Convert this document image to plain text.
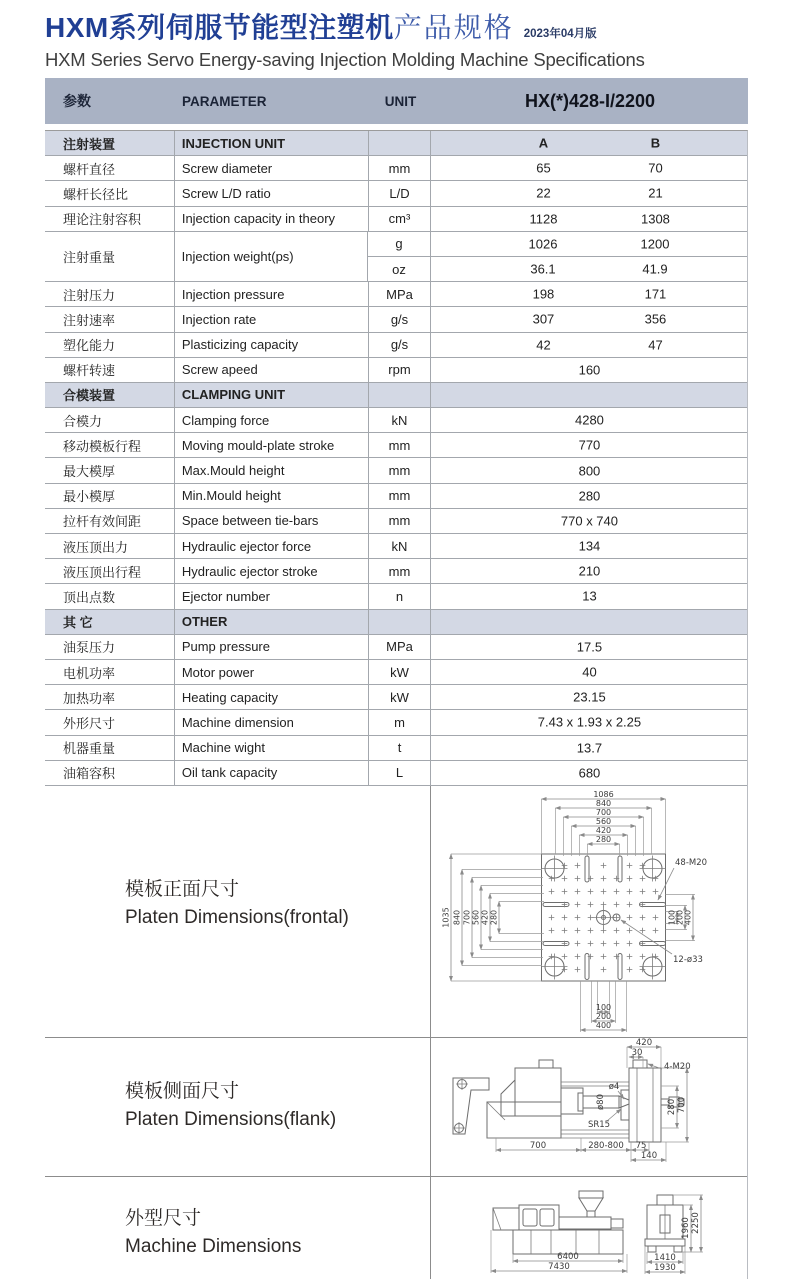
HXM系列伺服节能型注塑机产品规格 2023年04月版
HXM Series Servo Energy-saving Injection Molding Machine Specifications
参数	PARAMETER	UNIT	HX(*)428-I/2200
注射装置	INJECTION UNIT	A	B
螺杆直径	Screw diameter	mm	65	70
螺杆长径比	Screw L/D ratio	L/D	22	21
理论注射容积	Injection capacity in theory	cm³	1128	1308
注射重量	Injection weight(ps)
g	1026	1200
oz	36.1	41.9
注射压力	Injection pressure	MPa	198	171
注射速率	Injection rate	g/s	307	356
塑化能力	Plasticizing capacity	g/s	42	47
螺杆转速	Screw apeed	rpm	160
合模装置	CLAMPING UNIT
合模力	Clamping force	kN	4280
移动模板行程	Moving mould-plate stroke	mm	770
最大模厚	Max.Mould height	mm	800
最小模厚	Min.Mould height	mm	280
拉杆有效间距	Space between tie-bars	mm	770 x 740
液压顶出力	Hydraulic ejector force	kN	134
液压顶出行程	Hydraulic ejector stroke	mm	210
顶出点数	Ejector number	n	13
其 它	OTHER
油泵压力	Pump pressure	MPa	17.5
电机功率	Motor power	kW	40
加热功率	Heating capacity	kW	23.15
外形尺寸	Machine dimension	m	7.43 x 1.93 x 2.25
机器重量	Machine wight	t	13.7
油箱容积	Oil tank capacity	L	680
模板正面尺寸
Platen Dimensions(frontal)
1086
840
700
560
420
280
1035 840 700 560 420 280	100 200 400
100
200
400
48-M20
12-ø33
模板侧面尺寸
Platen Dimensions(flank)
420
30
4-M20
ø4
ø80
SR15
280 700
700	280-800 75
140
外型尺寸
Machine Dimensions	6400
7430
1960 2250
1410
1930
